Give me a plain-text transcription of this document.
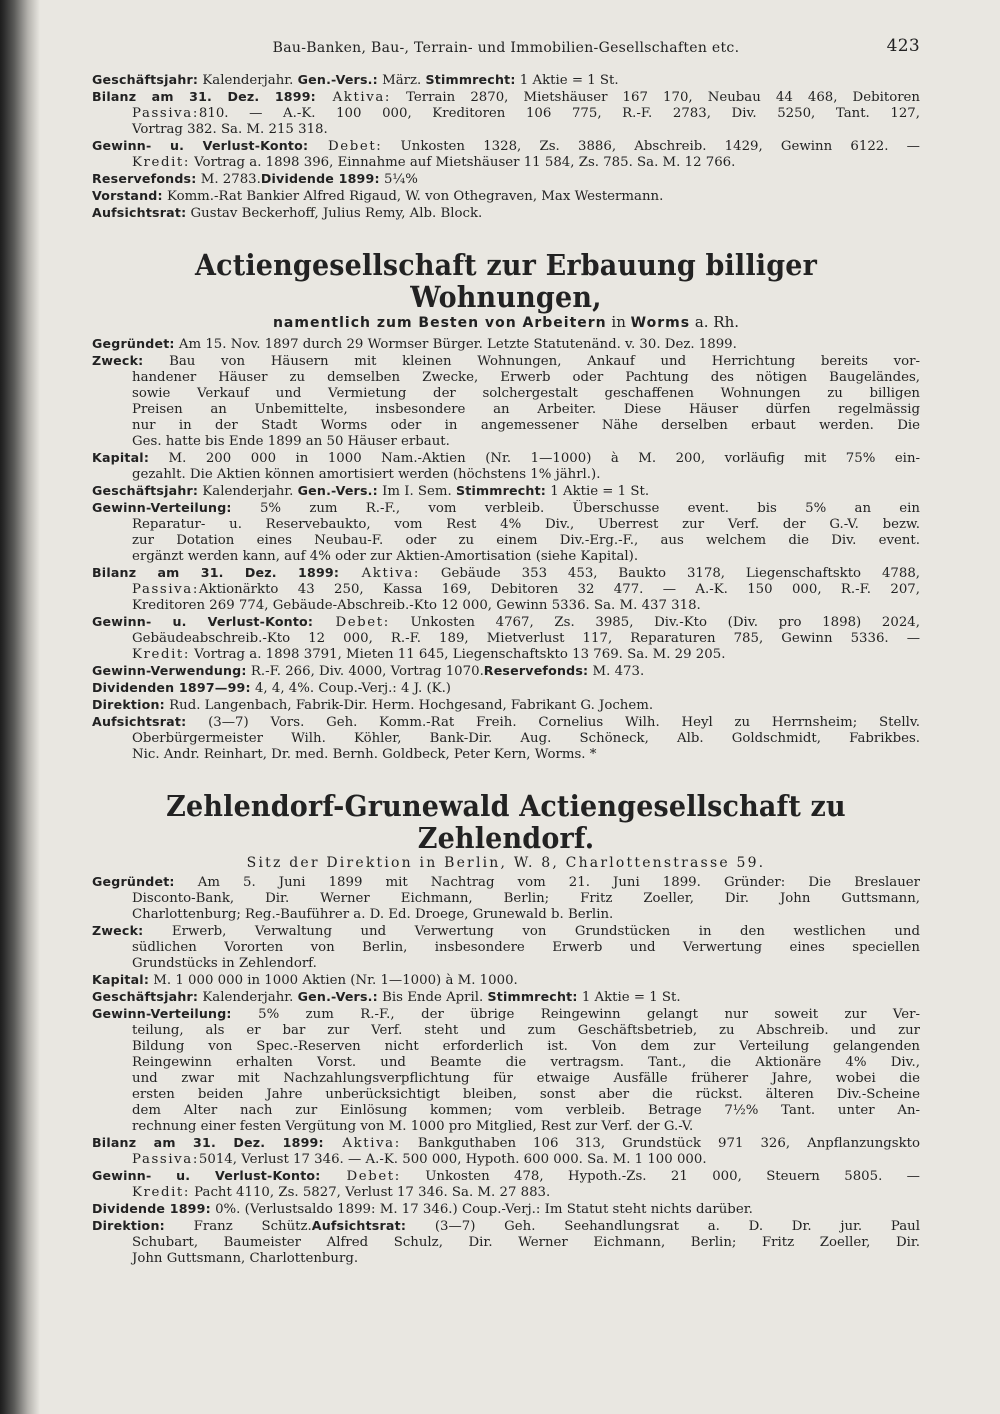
Bau-Banken, Bau-, Terrain- und Immobilien-Gesellschaften etc.	423
Geschäftsjahr: Kalenderjahr. Gen.-Vers.: März. Stimmrecht: 1 Aktie = 1 St.
Bilanz am 31. Dez. 1899: Aktiva: Terrain 2870, Mietshäuser 167 170, Neubau 44 468, Debitoren
Passiva:810. — A.-K. 100 000, Kreditoren 106 775, R.-F. 2783, Div. 5250, Tant. 127,
Vortrag 382. Sa. M. 215 318.
Gewinn- u. Verlust-Konto: Debet: Unkosten 1328, Zs. 3886, Abschreib. 1429, Gewinn 6122. —
Kredit: Vortrag a. 1898 396, Einnahme auf Mietshäuser 11 584, Zs. 785. Sa. M. 12 766.
Reservefonds: M. 2783.Dividende 1899: 5¼%
Vorstand: Komm.-Rat Bankier Alfred Rigaud, W. von Othegraven, Max Westermann.
Aufsichtsrat: Gustav Beckerhoff, Julius Remy, Alb. Block.
Actiengesellschaft zur Erbauung billiger Wohnungen,
namentlich zum Besten von Arbeitern in Worms a. Rh.
Gegründet: Am 15. Nov. 1897 durch 29 Wormser Bürger. Letzte Statutenänd. v. 30. Dez. 1899.
Zweck: Bau von Häusern mit kleinen Wohnungen, Ankauf und Herrichtung bereits vor-
handener Häuser zu demselben Zwecke, Erwerb oder Pachtung des nötigen Baugeländes,
sowie Verkauf und Vermietung der solchergestalt geschaffenen Wohnungen zu billigen
Preisen an Unbemittelte, insbesondere an Arbeiter. Diese Häuser dürfen regelmässig
nur in der Stadt Worms oder in angemessener Nähe derselben erbaut werden. Die
Ges. hatte bis Ende 1899 an 50 Häuser erbaut.
Kapital: M. 200 000 in 1000 Nam.-Aktien (Nr. 1—1000) à M. 200, vorläufig mit 75% ein-
gezahlt. Die Aktien können amortisiert werden (höchstens 1% jährl.).
Geschäftsjahr: Kalenderjahr. Gen.-Vers.: Im I. Sem. Stimmrecht: 1 Aktie = 1 St.
Gewinn-Verteilung: 5% zum R.-F., vom verbleib. Überschusse event. bis 5% an ein
Reparatur- u. Reservebaukto, vom Rest 4% Div., Überrest zur Verf. der G.-V. bezw.
zur Dotation eines Neubau-F. oder zu einem Div.-Erg.-F., aus welchem die Div. event.
ergänzt werden kann, auf 4% oder zur Aktien-Amortisation (siehe Kapital).
Bilanz am 31. Dez. 1899: Aktiva: Gebäude 353 453, Baukto 3178, Liegenschaftskto 4788,
Passiva:Aktionärkto 43 250, Kassa 169, Debitoren 32 477. — A.-K. 150 000, R.-F. 207,
Kreditoren 269 774, Gebäude-Abschreib.-Kto 12 000, Gewinn 5336. Sa. M. 437 318.
Gewinn- u. Verlust-Konto: Debet: Unkosten 4767, Zs. 3985, Div.-Kto (Div. pro 1898) 2024,
Gebäudeabschreib.-Kto 12 000, R.-F. 189, Mietverlust 117, Reparaturen 785, Gewinn 5336. —
Kredit: Vortrag a. 1898 3791, Mieten 11 645, Liegenschaftskto 13 769. Sa. M. 29 205.
Gewinn-Verwendung: R.-F. 266, Div. 4000, Vortrag 1070.Reservefonds: M. 473.
Dividenden 1897—99: 4, 4, 4%. Coup.-Verj.: 4 J. (K.)
Direktion: Rud. Langenbach, Fabrik-Dir. Herm. Hochgesand, Fabrikant G. Jochem.
Aufsichtsrat: (3—7) Vors. Geh. Komm.-Rat Freih. Cornelius Wilh. Heyl zu Herrnsheim; Stellv.
Oberbürgermeister Wilh. Köhler, Bank-Dir. Aug. Schöneck, Alb. Goldschmidt, Fabrikbes.
Nic. Andr. Reinhart, Dr. med. Bernh. Goldbeck, Peter Kern, Worms. *
Zehlendorf-Grunewald Actiengesellschaft zu Zehlendorf.
Sitz der Direktion in Berlin, W. 8, Charlottenstrasse 59.
Gegründet: Am 5. Juni 1899 mit Nachtrag vom 21. Juni 1899. Gründer: Die Breslauer
Disconto-Bank, Dir. Werner Eichmann, Berlin; Fritz Zoeller, Dir. John Guttsmann,
Charlottenburg; Reg.-Bauführer a. D. Ed. Droege, Grunewald b. Berlin.
Zweck: Erwerb, Verwaltung und Verwertung von Grundstücken in den westlichen und
südlichen Vororten von Berlin, insbesondere Erwerb und Verwertung eines speciellen
Grundstücks in Zehlendorf.
Kapital: M. 1 000 000 in 1000 Aktien (Nr. 1—1000) à M. 1000.
Geschäftsjahr: Kalenderjahr. Gen.-Vers.: Bis Ende April. Stimmrecht: 1 Aktie = 1 St.
Gewinn-Verteilung: 5% zum R.-F., der übrige Reingewinn gelangt nur soweit zur Ver-
teilung, als er bar zur Verf. steht und zum Geschäftsbetrieb, zu Abschreib. und zur
Bildung von Spec.-Reserven nicht erforderlich ist. Von dem zur Verteilung gelangenden
Reingewinn erhalten Vorst. und Beamte die vertragsm. Tant., die Aktionäre 4% Div.,
und zwar mit Nachzahlungsverpflichtung für etwaige Ausfälle früherer Jahre, wobei die
ersten beiden Jahre unberücksichtigt bleiben, sonst aber die rückst. älteren Div.-Scheine
dem Alter nach zur Einlösung kommen; vom verbleib. Betrage 7½% Tant. unter An-
rechnung einer festen Vergütung von M. 1000 pro Mitglied, Rest zur Verf. der G.-V.
Bilanz am 31. Dez. 1899: Aktiva: Bankguthaben 106 313, Grundstück 971 326, Anpflanzungskto
Passiva:5014, Verlust 17 346. — A.-K. 500 000, Hypoth. 600 000. Sa. M. 1 100 000.
Gewinn- u. Verlust-Konto: Debet: Unkosten 478, Hypoth.-Zs. 21 000, Steuern 5805. —
Kredit: Pacht 4110, Zs. 5827, Verlust 17 346. Sa. M. 27 883.
Dividende 1899: 0%. (Verlustsaldo 1899: M. 17 346.) Coup.-Verj.: Im Statut steht nichts darüber.
Direktion: Franz Schütz.Aufsichtsrat: (3—7) Geh. Seehandlungsrat a. D. Dr. jur. Paul
Schubart, Baumeister Alfred Schulz, Dir. Werner Eichmann, Berlin; Fritz Zoeller, Dir.
John Guttsmann, Charlottenburg.
